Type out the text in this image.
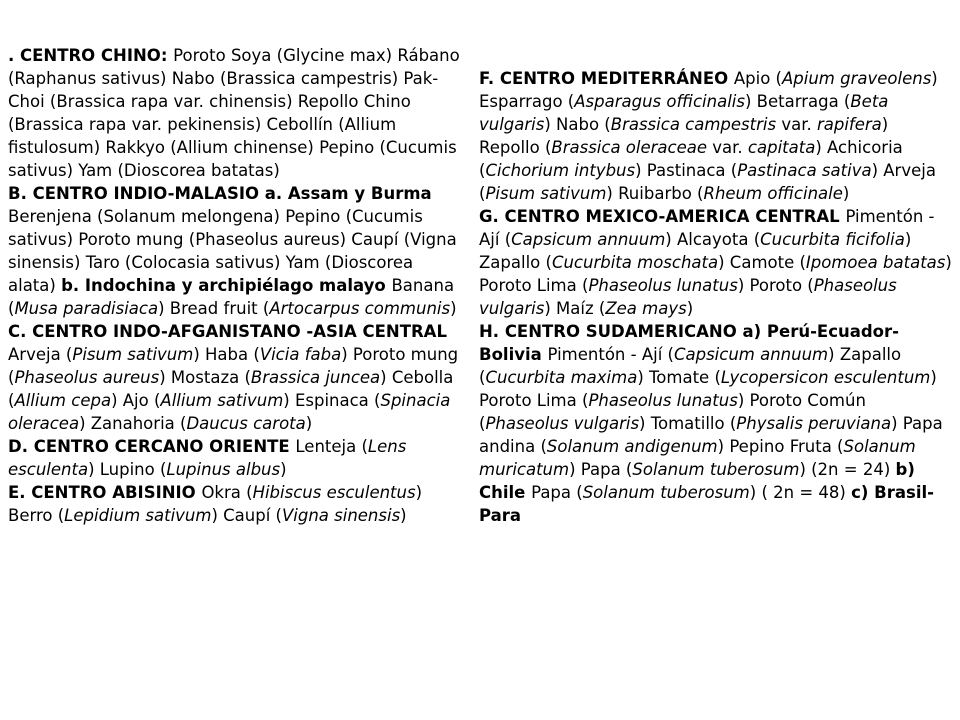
. CENTRO CHINO: Poroto Soya (Glycine max) Rábano (Raphanus sativus) Nabo (Brassica campestris) Pak-Choi (Brassica rapa var. chinensis) Repollo Chino (Brassica rapa var. pekinensis) Cebollín (Allium fistulosum) Rakkyo (Allium chinense) Pepino (Cucumis sativus) Yam (Dioscorea batatas)

B. CENTRO INDIO-MALASIO a. Assam y Burma Berenjena (Solanum melongena) Pepino (Cucumis sativus) Poroto mung (Phaseolus aureus) Caupí (Vigna sinensis) Taro (Colocasia sativus) Yam (Dioscorea alata) b. Indochina y archipiélago malayo Banana (Musa paradisiaca) Bread fruit (Artocarpus communis)

C. CENTRO INDO-AFGANISTANO -ASIA CENTRAL Arveja (Pisum sativum) Haba (Vicia faba) Poroto mung (Phaseolus aureus) Mostaza (Brassica juncea) Cebolla (Allium cepa) Ajo (Allium sativum) Espinaca (Spinacia oleracea) Zanahoria (Daucus carota)

D. CENTRO CERCANO ORIENTE Lenteja (Lens esculenta) Lupino (Lupinus albus)

E. CENTRO ABISINIO Okra (Hibiscus esculentus) Berro (Lepidium sativum) Caupí (Vigna sinensis)

F. CENTRO MEDITERRÁNEO Apio (Apium graveolens) Esparrago (Asparagus officinalis) Betarraga (Beta vulgaris) Nabo (Brassica campestris var. rapifera) Repollo (Brassica oleraceae var. capitata) Achicoria (Cichorium intybus) Pastinaca (Pastinaca sativa) Arveja (Pisum sativum) Ruibarbo (Rheum officinale)

G. CENTRO MEXICO-AMERICA CENTRAL Pimentón - Ají (Capsicum annuum) Alcayota (Cucurbita ficifolia) Zapallo (Cucurbita moschata) Camote (Ipomoea batatas) Poroto Lima (Phaseolus lunatus) Poroto (Phaseolus vulgaris) Maíz (Zea mays)

H. CENTRO SUDAMERICANO a) Perú-Ecuador-Bolivia Pimentón - Ají (Capsicum annuum) Zapallo (Cucurbita maxima) Tomate (Lycopersicon esculentum) Poroto Lima (Phaseolus lunatus) Poroto Común (Phaseolus vulgaris) Tomatillo (Physalis peruviana) Papa andina (Solanum andigenum) Pepino Fruta (Solanum muricatum) Papa (Solanum tuberosum) (2n = 24) b) Chile Papa (Solanum tuberosum) ( 2n = 48) c) Brasil-Para
